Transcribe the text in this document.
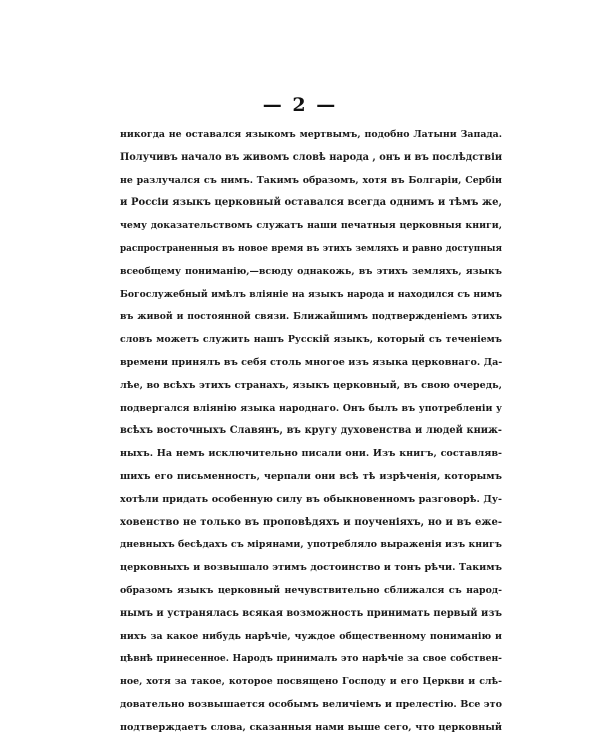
— 2 —
никогда не оставался языкомъ мертвымъ, подобно Латыни Запада.
Получивъ начало въ живомъ словѣ народа , онъ и въ послѣдствіи
не разлучался съ нимъ. Такимъ образомъ, хотя въ Болгаріи, Сербіи
и Россіи языкъ церковный оставался всегда однимъ и тѣмъ же,
чему доказательствомъ служатъ наши печатныя церковныя книги,
распространенныя въ новое время въ этихъ земляхъ и равно доступныя
всеобщему пониманію,—всюду однакожь, въ этихъ земляхъ, языкъ
Богослужебный имѣлъ вліяніе на языкъ народа и находился съ нимъ
въ живой и постоянной связи. Ближайшимъ подтвержденіемъ этихъ
словъ можетъ служить нашъ Русскій языкъ, который съ теченіемъ
времени принялъ въ себя столь многое изъ языка церковнаго. Да-
лѣе, во всѣхъ этихъ странахъ, языкъ церковный, въ свою очередь,
подвергался вліянію языка народнаго. Онъ былъ въ употребленіи у
всѣхъ восточныхъ Славянъ, въ кругу духовенства и людей книж-
ныхъ. На немъ исключительно писали они. Изъ книгъ, составляв-
шихъ его письменность, черпали они всѣ тѣ изрѣченія, которымъ
хотѣли придать особенную силу въ обыкновенномъ разговорѣ. Ду-
ховенство не только въ проповѣдяхъ и поученіяхъ, но и въ ежe-
дневныхъ бесѣдахъ съ мірянами, употребляло выраженія изъ книгъ
церковныхъ и возвышало этимъ достоинство и тонъ рѣчи. Такимъ
образомъ языкъ церковный нечувствительно сближался съ народ-
нымъ и устранялась всякая возможность принимать первый изъ
нихъ за какое нибудь нарѣчіе, чуждое общественному пониманію и
цѣвнѣ принесенное. Народъ принималъ это нарѣчіе за свое собствен-
ное, хотя за такое, которое посвящено Господу и его Церкви и слѣ-
довательно возвышается особымъ величіемъ и прелестію. Все это
подтверждаетъ слова, сказанныя нами выше сего, что церковный
